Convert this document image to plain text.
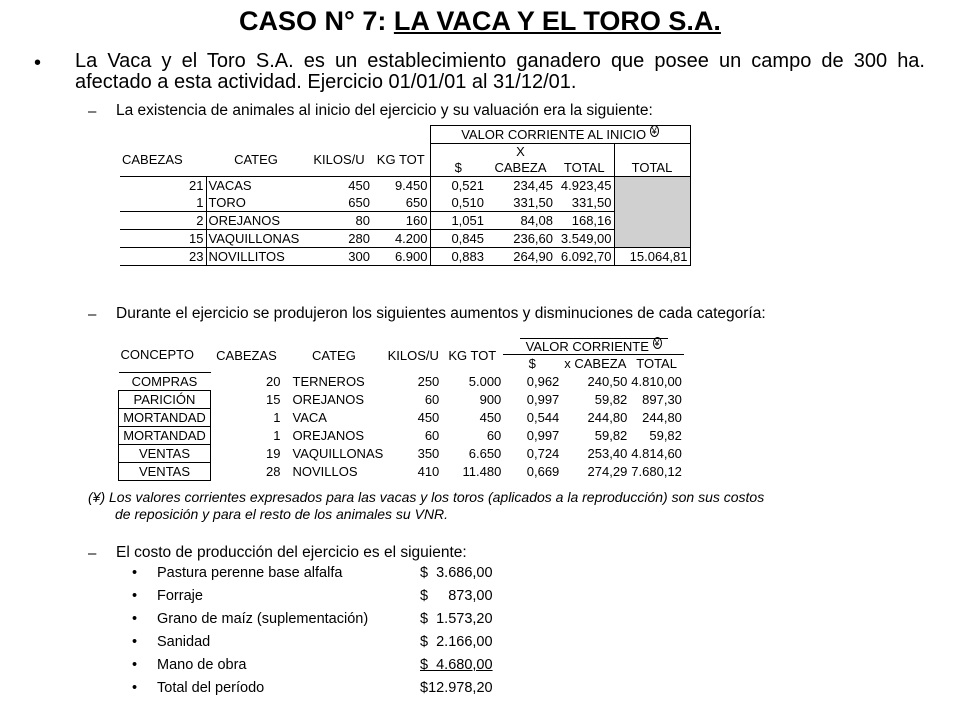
CASO N° 7: LA VACA Y EL TORO S.A.
• La Vaca y el Toro S.A. es un establecimiento ganadero que posee un campo de 300 ha. afectado a esta actividad. Ejercicio 01/01/01 al 31/12/01.
– La existencia de animales al inicio del ejercicio y su valuación era la siguiente:
				VALOR CORRIENTE AL INICIO ¥
CABEZAS	CATEG	KILOS/U	KG TOT		X		
				$	CABEZA	TOTAL	TOTAL
21	VACAS	450	9.450	0,521	234,45	4.923,45	
1	TORO	650	650	0,510	331,50	331,50	
2	OREJANOS	80	160	1,051	84,08	168,16	
15	VAQUILLONAS	280	4.200	0,845	236,60	3.549,00	
23	NOVILLITOS	300	6.900	0,883	264,90	6.092,70	15.064,81
– Durante el ejercicio se produjeron los siguientes aumentos y disminuciones de cada categoría:
CONCEPTO	CABEZAS	CATEG	KILOS/U	KG TOT	VALOR CORRIENTE ¥
					$	x CABEZA	TOTAL
COMPRAS	20	TERNEROS	250	5.000	0,962	240,50	4.810,00
PARICIÓN	15	OREJANOS	60	900	0,997	59,82	897,30
MORTANDAD	1	VACA	450	450	0,544	244,80	244,80
MORTANDAD	1	OREJANOS	60	60	0,997	59,82	59,82
VENTAS	19	VAQUILLONAS	350	6.650	0,724	253,40	4.814,60
VENTAS	28	NOVILLOS	410	11.480	0,669	274,29	7.680,12
(¥) Los valores corrientes expresados para las vacas y los toros (aplicados a la reproducción) son sus costos
de reposición y para el resto de los animales su VNR.
– El costo de producción del ejercicio es el siguiente:
• Pastura perenne base alfalfa	$  3.686,00
• Forraje	$     873,00
• Grano de maíz (suplementación)	$  1.573,20
• Sanidad	$  2.166,00
• Mano de obra	$  4.680,00
• Total del período	$12.978,20
